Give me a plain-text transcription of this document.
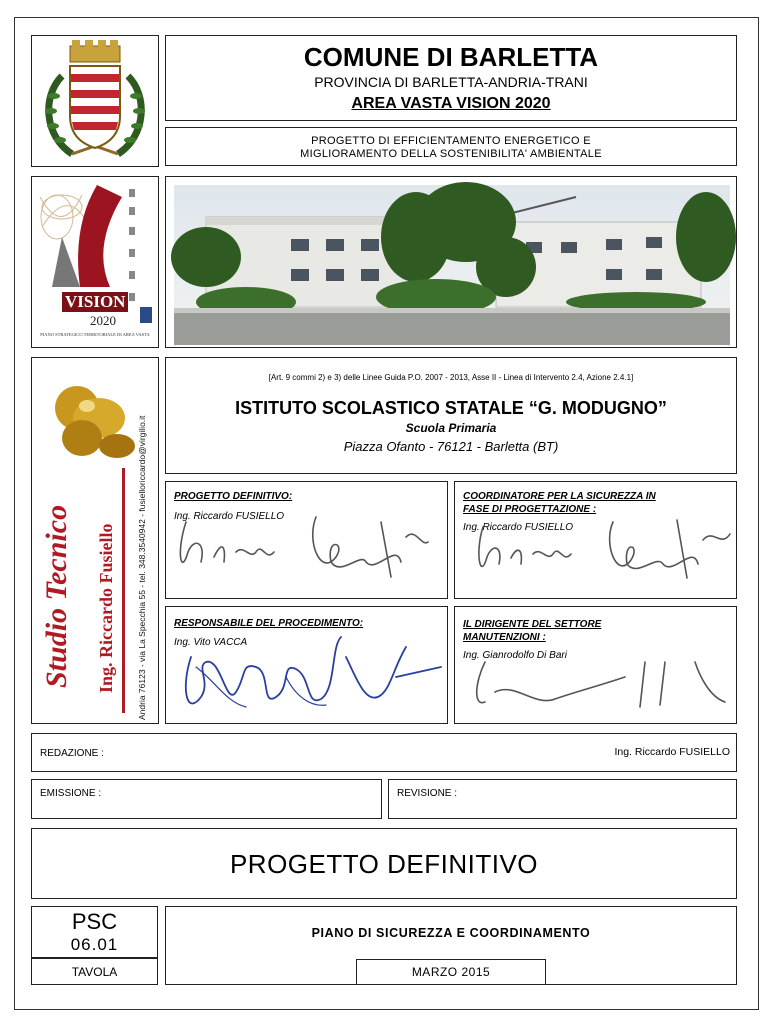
COMUNE DI BARLETTA
PROVINCIA DI BARLETTA-ANDRIA-TRANI
AREA VASTA VISION 2020
PROGETTO DI EFFICIENTAMENTO ENERGETICO E
MIGLIORAMENTO DELLA SOSTENIBILITA' AMBIENTALE
VISION
2020
PIANO STRATEGICO TERRITORIALE DI AREA VASTA
Studio Tecnico Ing. Riccardo Fusiello Andria 76123 - via La Specchia 55 - tel. 348.3540942 - fusielloriccardo@virgilio.it
[Art. 9 commi 2) e 3) delle Linee Guida P.O. 2007 - 2013, Asse II - Linea di Intervento 2.4, Azione 2.4.1]
ISTITUTO SCOLASTICO STATALE “G. MODUGNO”
Scuola Primaria
Piazza Ofanto - 76121 - Barletta (BT)
PROGETTO DEFINITIVO:
Ing. Riccardo FUSIELLO
COORDINATORE PER LA SICUREZZA IN
FASE DI PROGETTAZIONE :
Ing. Riccardo FUSIELLO
RESPONSABILE DEL PROCEDIMENTO:
Ing. Vito VACCA
IL DIRIGENTE DEL SETTORE
MANUTENZIONI :
Ing. Gianrodolfo Di Bari
REDAZIONE :	Ing. Riccardo FUSIELLO
EMISSIONE :	REVISIONE :
PROGETTO DEFINITIVO
PSC
06.01
TAVOLA
PIANO DI SICUREZZA E COORDINAMENTO
MARZO 2015
